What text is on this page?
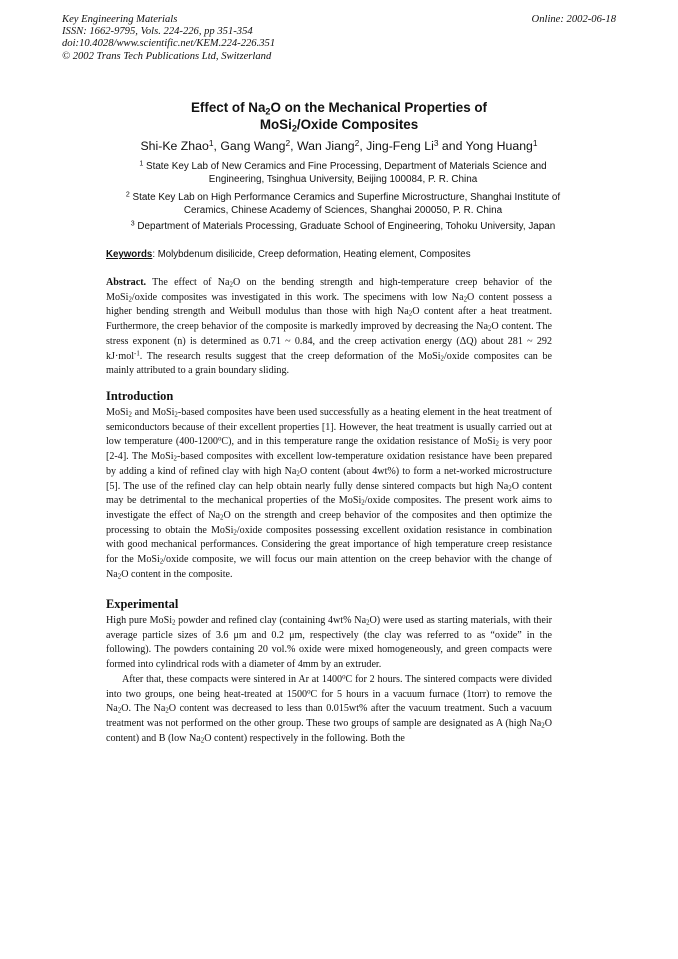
Key Engineering Materials
ISSN: 1662-9795, Vols. 224-226, pp 351-354
doi:10.4028/www.scientific.net/KEM.224-226.351
© 2002 Trans Tech Publications Ltd, Switzerland
Online: 2002-06-18
Effect of $Na_2O$ on the Mechanical Properties of
MoSi$_2$/Oxide Composites
Shi-Ke Zhao$^1$, Gang Wang$^2$, Wan Jiang$^2$, Jing-Feng Li$^3$ and Yong Huang$^1$
$^1$ State Key Lab of New Ceramics and Fine Processing, Department of Materials Science and
Engineering, Tsinghua University, Beijing 100084, P. R. China
$^2$ State Key Lab on High Performance Ceramics and Superfine Microstructure, Shanghai Institute of
Ceramics, Chinese Academy of Sciences, Shanghai 200050, P. R. China
$^3$ Department of Materials Processing, Graduate School of Engineering, Tohoku University, Japan
Keywords: Molybdenum disilicide, Creep deformation, Heating element, Composites

Abstract. The effect of $Na_2O$ on the bending strength and high-temperature creep behavior of the MoSi$_2$/oxide composites was investigated in this work. The specimens with low $Na_2O$ content possess a higher bending strength and Weibull modulus than those with high $Na_2O$ content after a heat treatment. Furthermore, the creep behavior of the composite is markedly improved by decreasing the $Na_2O$ content. The stress exponent (n) is determined as 0.71 ~ 0.84, and the creep activation energy (ΔQ) about 281 ~ 292 kJ·mol$^{-1}$. The research results suggest that the creep deformation of the MoSi$_2$/oxide composites can be mainly attributed to a grain boundary sliding.

Introduction

MoSi$_2$ and MoSi$_2$-based composites have been used successfully as a heating element in the heat treatment of semiconductors because of their excellent properties [1]. However, the heat treatment is usually carried out at low temperature (400-1200$^o$C), and in this temperature range the oxidation resistance of MoSi$_2$ is very poor [2-4]. The MoSi$_2$-based composites with excellent low-temperature oxidation resistance have been prepared by adding a kind of refined clay with high $Na_2O$ content (about 4wt%) to form a net-worked microstructure [5]. The use of the refined clay can help obtain nearly fully dense sintered compacts but high $Na_2O$ content may be detrimental to the mechanical properties of the MoSi$_2$/oxide composites. The present work aims to investigate the effect of $Na_2O$ on the strength and creep behavior of the composites and then optimize the processing to obtain the MoSi$_2$/oxide composites possessing excellent oxidation resistance in combination with good mechanical performances. Considering the great importance of high temperature creep resistance for the MoSi$_2$/oxide composite, we will focus our main attention on the creep behavior with the change of $Na_2O$ content in the composite.

Experimental

High pure MoSi$_2$ powder and refined clay (containing 4wt% $Na_2O$) were used as starting materials, with their average particle sizes of 3.6 μm and 0.2 μm, respectively (the clay was referred to as “oxide” in the following). The powders containing 20 vol.% oxide were mixed homogeneously, and green compacts were formed into cylindrical rods with a diameter of 4mm by an extruder.

After that, these compacts were sintered in Ar at 1400$^o$C for 2 hours. The sintered compacts were divided into two groups, one being heat-treated at 1500$^o$C for 5 hours in a vacuum furnace (1torr) to remove the $Na_2O$. The $Na_2O$ content was decreased to less than 0.015wt% after the vacuum treatment. Such a vacuum treatment was not performed on the other group. These two groups of sample are designated as A (high $Na_2O$ content) and B (low $Na_2O$ content) respectively in the following. Both the
